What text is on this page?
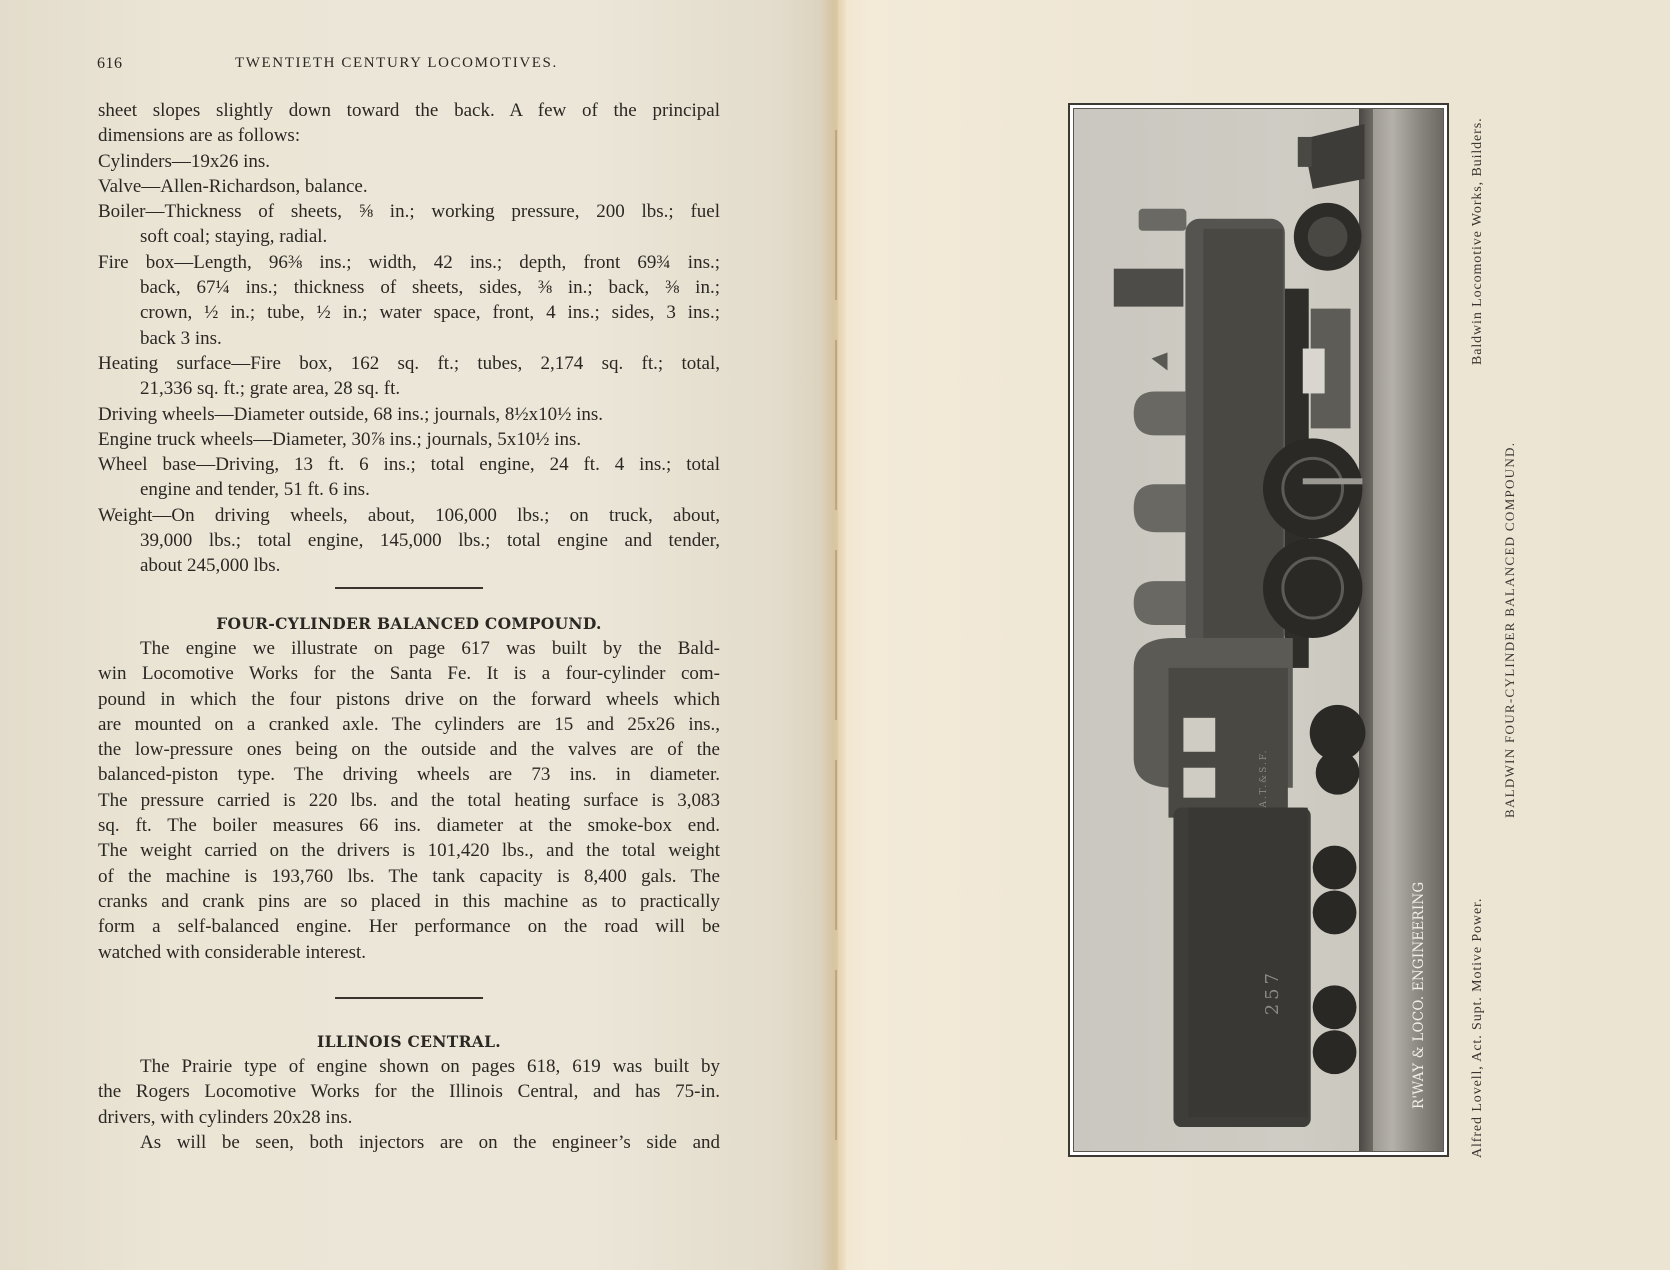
616	TWENTIETH CENTURY LOCOMOTIVES.
sheet slopes slightly down toward the back. A few of the principal
dimensions are as follows:
Cylinders—19x26 ins.
Valve—Allen-Richardson, balance.
Boiler—Thickness of sheets, ⅝ in.; working pressure, 200 lbs.; fuel
soft coal; staying, radial.
Fire box—Length, 96⅜ ins.; width, 42 ins.; depth, front 69¾ ins.;
back, 67¼ ins.; thickness of sheets, sides, ⅜ in.; back, ⅜ in.;
crown, ½ in.; tube, ½ in.; water space, front, 4 ins.; sides, 3 ins.;
back 3 ins.
Heating surface—Fire box, 162 sq. ft.; tubes, 2,174 sq. ft.; total,
21,336 sq. ft.; grate area, 28 sq. ft.
Driving wheels—Diameter outside, 68 ins.; journals, 8½x10½ ins.
Engine truck wheels—Diameter, 30⅞ ins.; journals, 5x10½ ins.
Wheel base—Driving, 13 ft. 6 ins.; total engine, 24 ft. 4 ins.; total
engine and tender, 51 ft. 6 ins.
Weight—On driving wheels, about, 106,000 lbs.; on truck, about,
39,000 lbs.; total engine, 145,000 lbs.; total engine and tender,
about 245,000 lbs.
FOUR-CYLINDER BALANCED COMPOUND.
The engine we illustrate on page 617 was built by the Bald-
win Locomotive Works for the Santa Fe. It is a four-cylinder com-
pound in which the four pistons drive on the forward wheels which
are mounted on a cranked axle. The cylinders are 15 and 25x26 ins.,
the low-pressure ones being on the outside and the valves are of the
balanced-piston type. The driving wheels are 73 ins. in diameter.
The pressure carried is 220 lbs. and the total heating surface is 3,083
sq. ft. The boiler measures 66 ins. diameter at the smoke-box end.
The weight carried on the drivers is 101,420 lbs., and the total weight
of the machine is 193,760 lbs. The tank capacity is 8,400 gals. The
cranks and crank pins are so placed in this machine as to practically
form a self-balanced engine. Her performance on the road will be
watched with considerable interest.
ILLINOIS CENTRAL.
The Prairie type of engine shown on pages 618, 619 was built by
the Rogers Locomotive Works for the Illinois Central, and has 75-in.
drivers, with cylinders 20x28 ins.
As will be seen, both injectors are on the engineer’s side and
257
A.T.&S.F.
R'WAY & LOCO. ENGINEERING
Baldwin Locomotive Works, Builders.
BALDWIN FOUR-CYLINDER BALANCED COMPOUND.
Alfred Lovell, Act. Supt. Motive Power.
